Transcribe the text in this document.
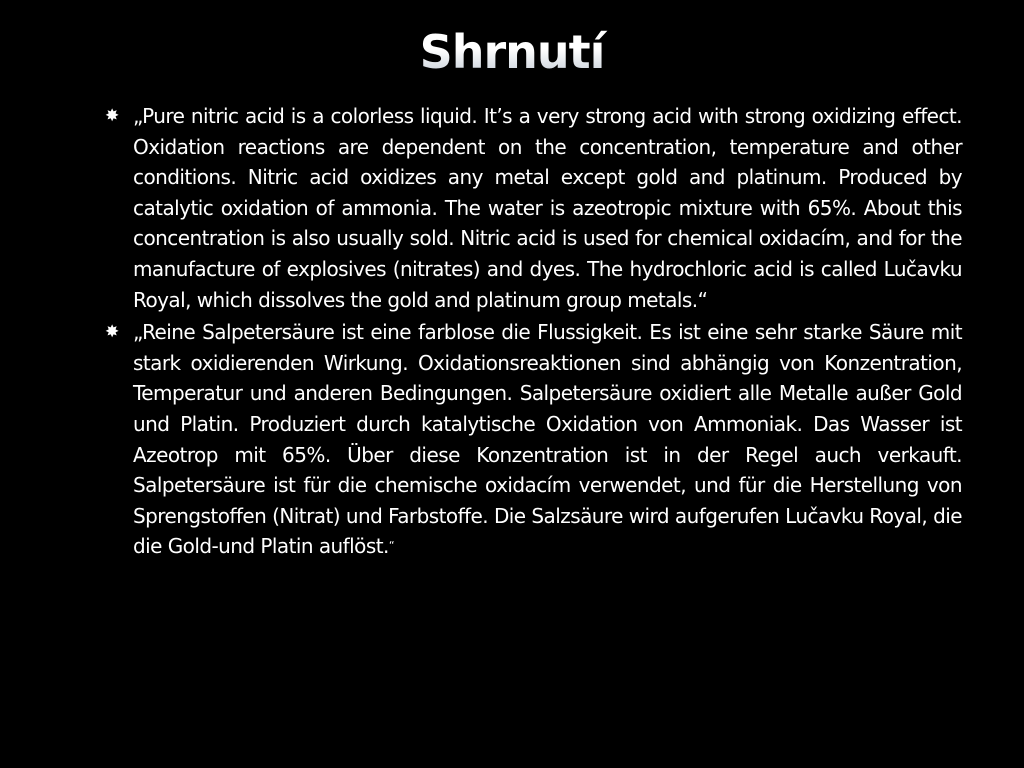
Shrnutí
✸ „Pure nitric acid is a colorless liquid. It’s a very strong acid with strong oxidizing effect. Oxidation reactions are dependent on the concentration, temperature and other conditions. Nitric acid oxidizes any metal except gold and platinum. Produced by catalytic oxidation of ammonia. The water is azeotropic mixture with 65%. About this concentration is also usually sold. Nitric acid is used for chemical oxidacím, and for the manufacture of explosives (nitrates) and dyes. The hydrochloric acid is called Lučavku Royal, which dissolves the gold and platinum group metals.“

✸ „Reine Salpetersäure ist eine farblose die Flussigkeit. Es ist eine sehr starke Säure mit stark oxidierenden Wirkung. Oxidationsreaktionen sind abhängig von Konzentration, Temperatur und anderen Bedingungen. Salpetersäure oxidiert alle Metalle außer Gold und Platin. Produziert durch katalytische Oxidation von Ammoniak. Das Wasser ist Azeotrop mit 65%. Über diese Konzentration ist in der Regel auch verkauft. Salpetersäure ist für die chemische oxidacím verwendet, und für die Herstellung von Sprengstoffen (Nitrat) und Farbstoffe. Die Salzsäure wird aufgerufen Lučavku Royal, die die Gold-und Platin auflöst.“
